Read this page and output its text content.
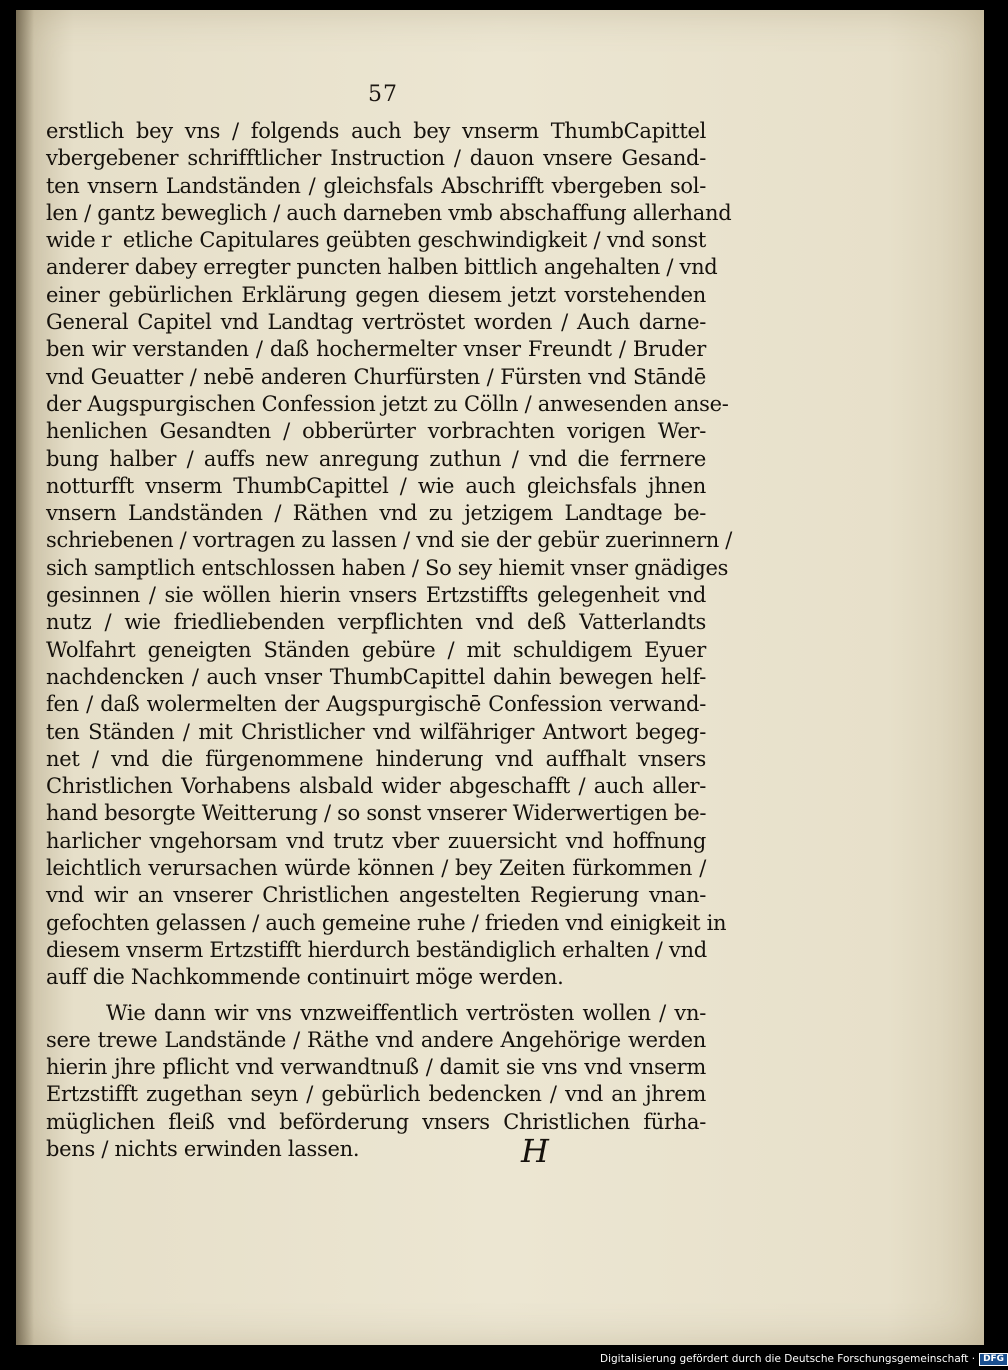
57
erstlich bey vns / folgends auch bey vnserm ThumbCapittel
vbergebener schrifftlicher Instruction / dauon vnsere Gesand-
ten vnsern Landständen / gleichsfals Abschrifft vbergeben sol-
len / gantz beweglich / auch darneben vmb abschaffung allerhand
wideｒ etliche Capitulares geübten geschwindigkeit / vnd sonst
anderer dabey erregter puncten halben bittlich angehalten / vnd
einer gebürlichen Erklärung gegen diesem jetzt vorstehenden
General Capitel vnd Landtag vertröstet worden / Auch darne-
ben wir verstanden / daß hochermelter vnser Freundt / Bruder
vnd Geuatter / nebē anderen Churfürsten / Fürsten vnd Stāndē
der Augspurgischen Confession jetzt zu Cölln / anwesenden anse-
henlichen Gesandten / obberürter vorbrachten vorigen Wer-
bung halber / auffs new anregung zuthun / vnd die ferrnere
notturfft vnserm ThumbCapittel / wie auch gleichsfals jhnen
vnsern Landständen / Räthen vnd zu jetzigem Landtage be-
schriebenen / vortragen zu lassen / vnd sie der gebür zuerinnern /
sich samptlich entschlossen haben / So sey hiemit vnser gnädiges
gesinnen / sie wöllen hierin vnsers Ertzstiffts gelegenheit vnd
nutz / wie friedliebenden verpflichten vnd deß Vatterlandts
Wolfahrt geneigten Ständen gebüre / mit schuldigem Eyuer
nachdencken / auch vnser ThumbCapittel dahin bewegen helf-
fen / daß wolermelten der Augspurgischē Confession verwand-
ten Ständen / mit Christlicher vnd wilfähriger Antwort begeg-
net / vnd die fürgenommene hinderung vnd auffhalt vnsers
Christlichen Vorhabens alsbald wider abgeschafft / auch aller-
hand besorgte Weitterung / so sonst vnserer Widerwertigen be-
harlicher vngehorsam vnd trutz vber zuuersicht vnd hoffnung
leichtlich verursachen würde können / bey Zeiten fürkommen /
vnd wir an vnserer Christlichen angestelten Regierung vnan-
gefochten gelassen / auch gemeine ruhe / frieden vnd einigkeit in
diesem vnserm Ertzstifft hierdurch beständiglich erhalten / vnd
auff die Nachkommende continuirt möge werden.
Wie dann wir vns vnzweiffentlich vertrösten wollen / vn-
sere trewe Landstände / Räthe vnd andere Angehörige werden
hierin jhre pflicht vnd verwandtnuß / damit sie vns vnd vnserm
Ertzstifft zugethan seyn / gebürlich bedencken / vnd an jhrem
müglichen fleiß vnd beförderung vnsers Christlichen fürha-
bens / nichts erwinden lassen.	H
Digitalisierung gefördert durch die Deutsche Forschungsgemeinschaft · DFG
